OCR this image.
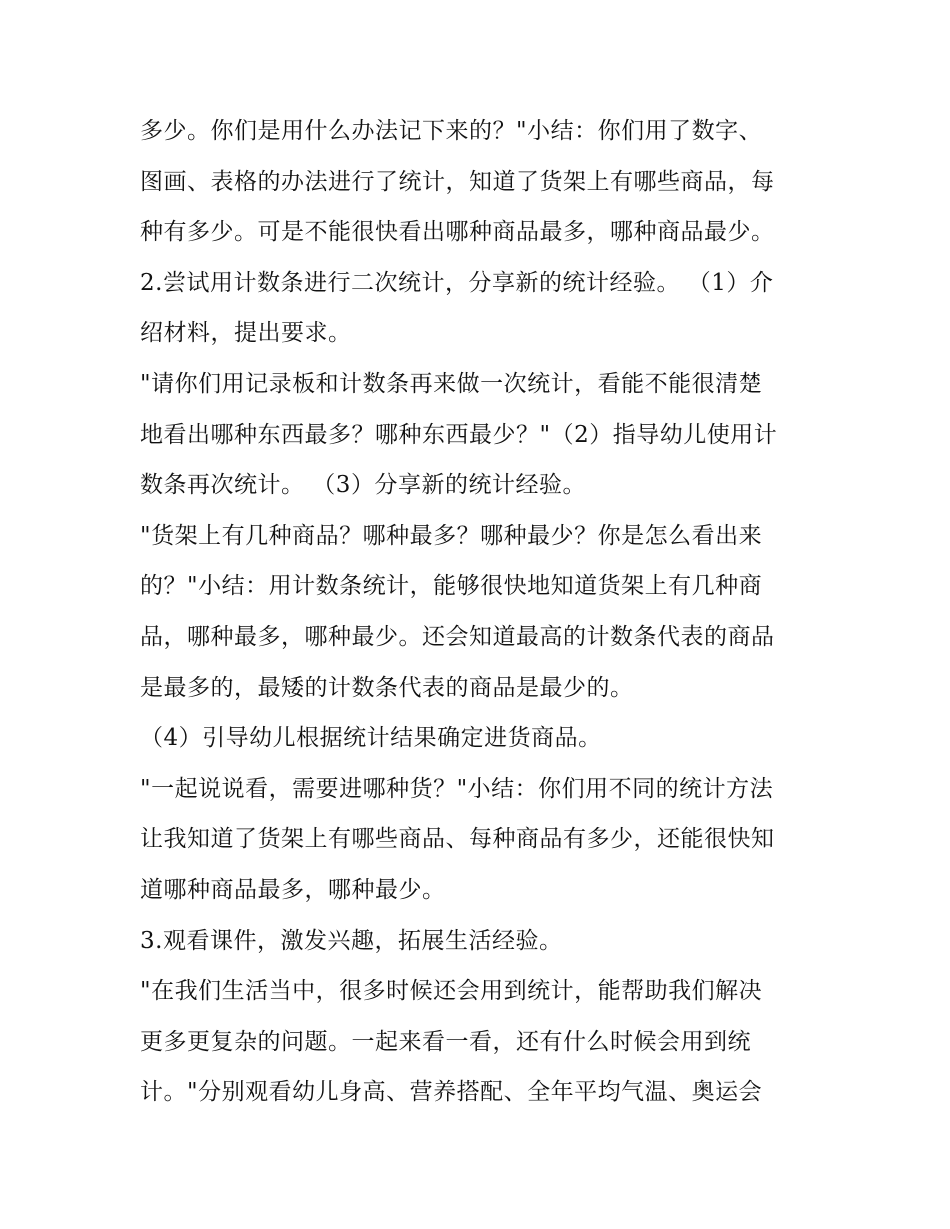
多少。你们是用什么办法记下来的？"小结：你们用了数字、
图画、表格的办法进行了统计，知道了货架上有哪些商品，每
种有多少。可是不能很快看出哪种商品最多，哪种商品最少。
2.尝试用计数条进行二次统计，分享新的统计经验。 （1）介
绍材料，提出要求。
"请你们用记录板和计数条再来做一次统计，看能不能很清楚
地看出哪种东西最多？哪种东西最少？"（2）指导幼儿使用计
数条再次统计。 （3）分享新的统计经验。
"货架上有几种商品？哪种最多？哪种最少？你是怎么看出来
的？"小结：用计数条统计，能够很快地知道货架上有几种商
品，哪种最多，哪种最少。还会知道最高的计数条代表的商品
是最多的，最矮的计数条代表的商品是最少的。
（4）引导幼儿根据统计结果确定进货商品。
"一起说说看，需要进哪种货？"小结：你们用不同的统计方法
让我知道了货架上有哪些商品、每种商品有多少，还能很快知
道哪种商品最多，哪种最少。
3.观看课件，激发兴趣，拓展生活经验。
"在我们生活当中，很多时候还会用到统计，能帮助我们解决
更多更复杂的问题。一起来看一看，还有什么时候会用到统
计。"分别观看幼儿身高、营养搭配、全年平均气温、奥运会
